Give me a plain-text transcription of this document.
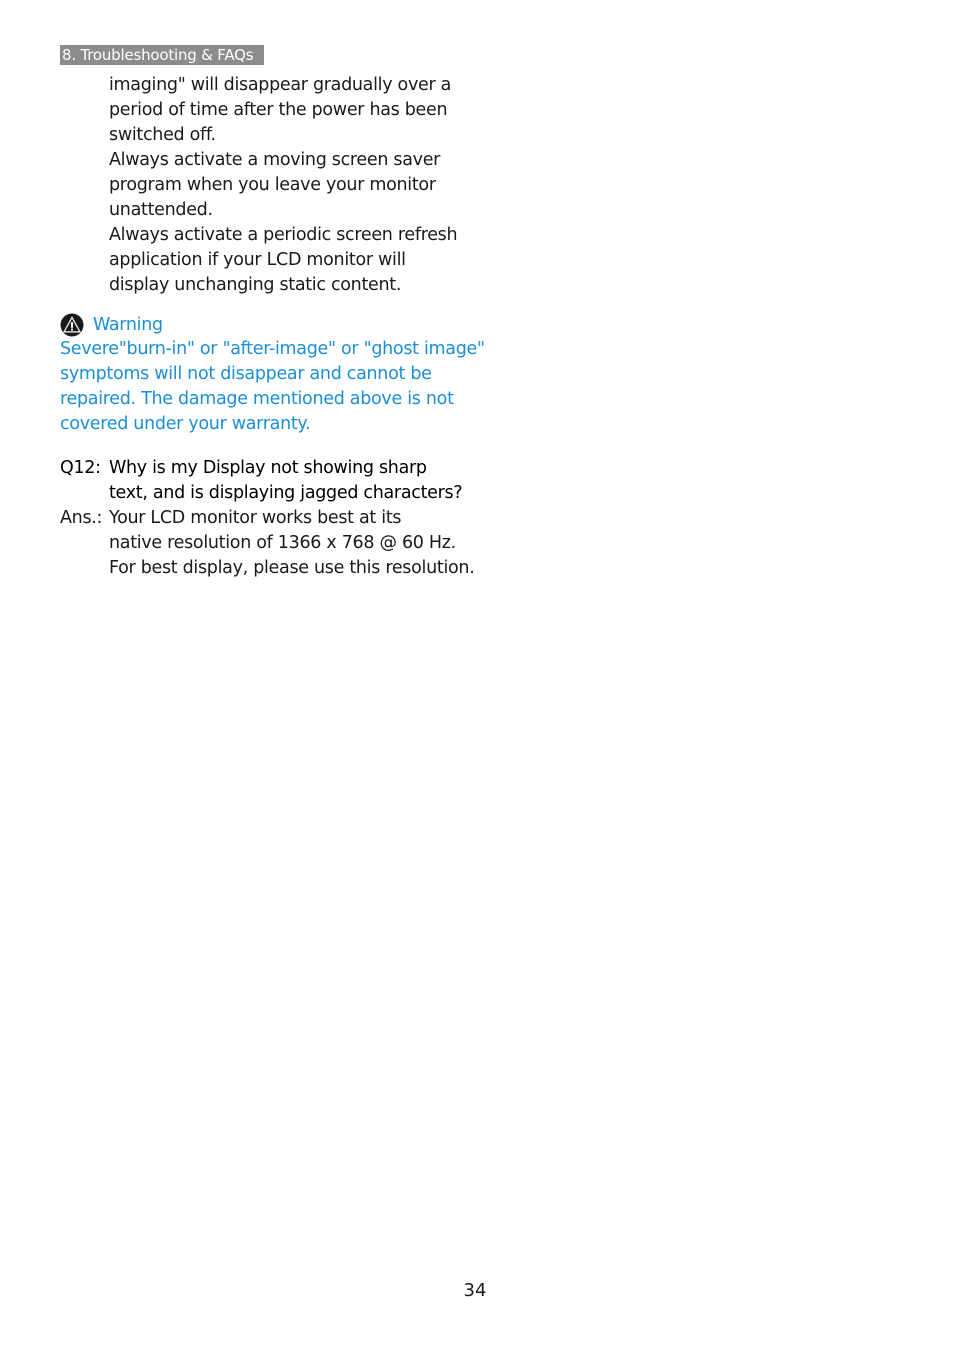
8. Troubleshooting & FAQs
imaging" will disappear gradually over a
period of time after the power has been
switched off.
Always activate a moving screen saver
program when you leave your monitor
unattended.
Always activate a periodic screen refresh
application if your LCD monitor will
display unchanging static content.
Warning
Severe"burn-in" or "after-image" or "ghost image"
symptoms will not disappear and cannot be
repaired. The damage mentioned above is not
covered under your warranty.
Q12: Why is my Display not showing sharp
text, and is displaying jagged characters?
Ans.: Your LCD monitor works best at its
native resolution of 1366 x 768 @ 60 Hz.
For best display, please use this resolution.
34
